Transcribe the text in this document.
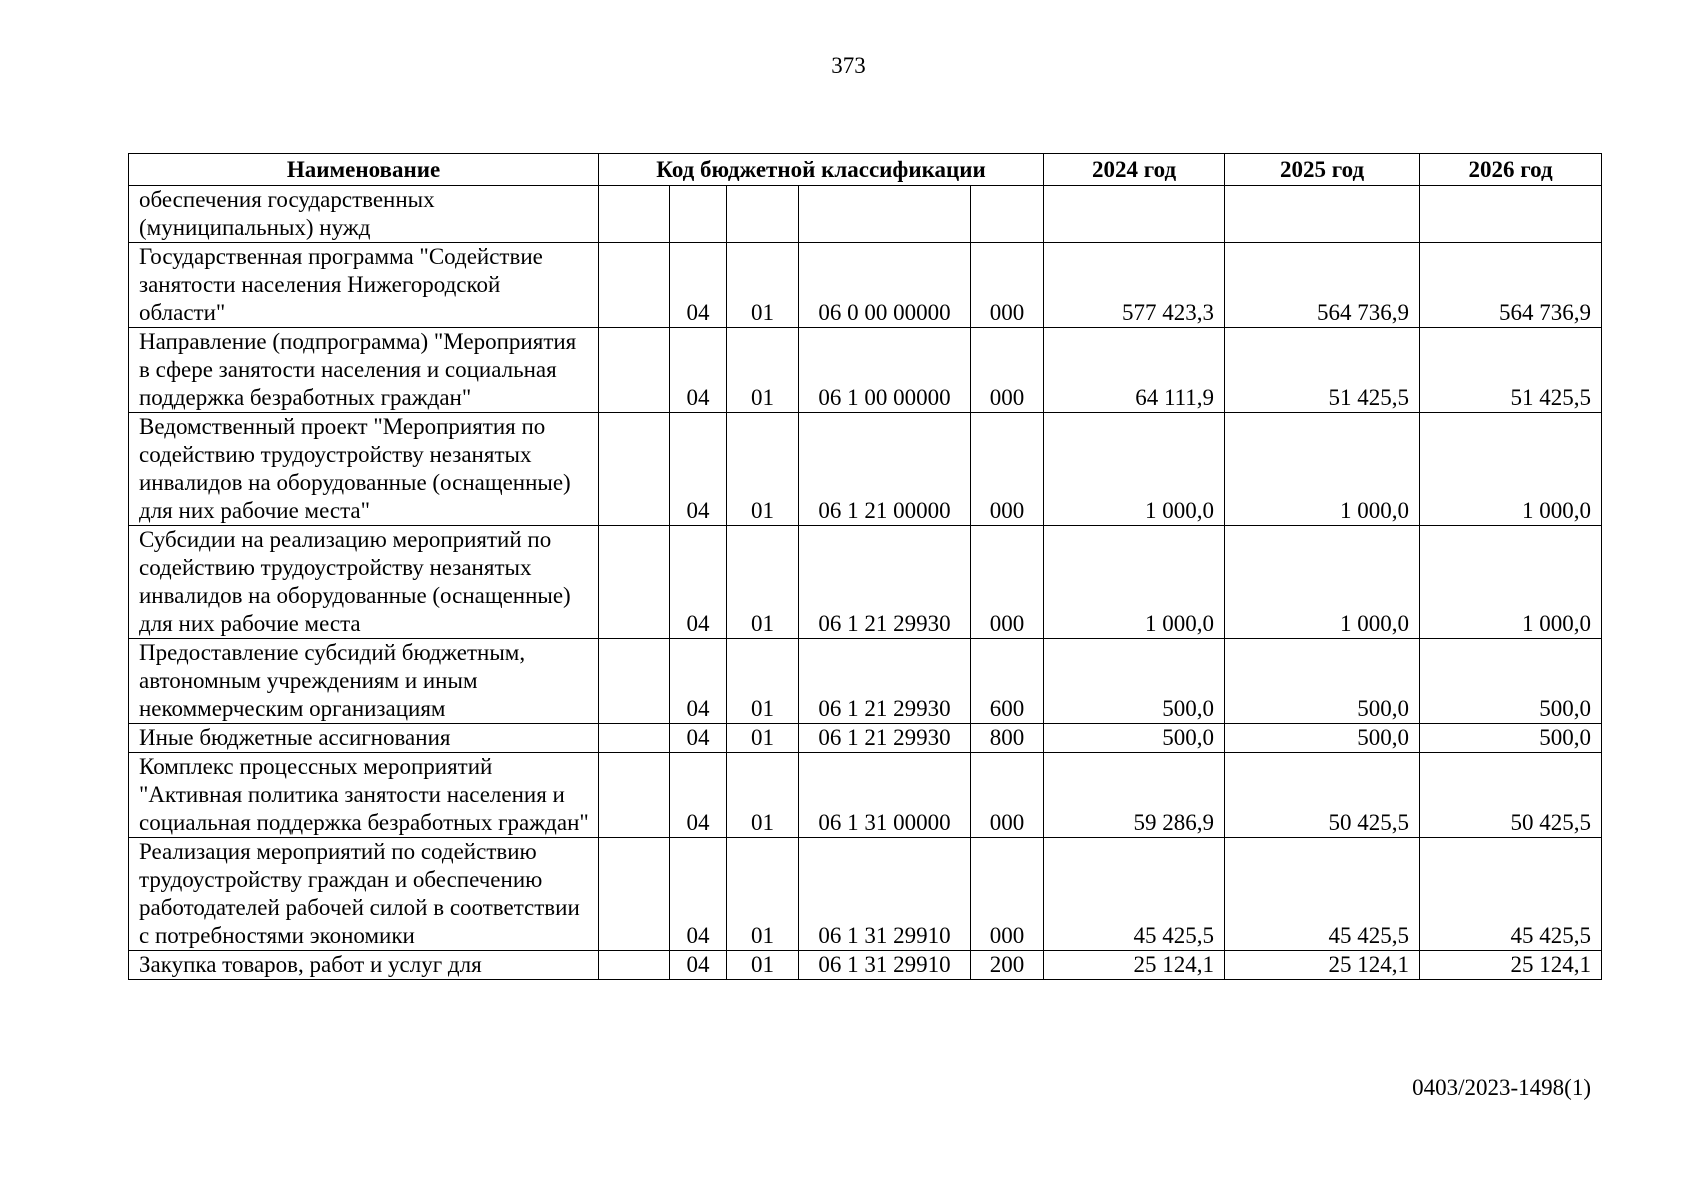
373
Наименование	Код бюджетной классификации					2024 год	2025 год	2026 год
обеспечения государственных (муниципальных) нужд								
Государственная программа "Содействие занятости населения Нижегородской области"		04	01	06 0 00 00000	000	577 423,3	564 736,9	564 736,9
Направление (подпрограмма) "Мероприятия в сфере занятости населения и социальная поддержка безработных граждан"		04	01	06 1 00 00000	000	64 111,9	51 425,5	51 425,5
Ведомственный проект "Мероприятия по содействию трудоустройству незанятых инвалидов на оборудованные (оснащенные) для них рабочие места"		04	01	06 1 21 00000	000	1 000,0	1 000,0	1 000,0
Субсидии на реализацию мероприятий по содействию трудоустройству незанятых инвалидов на оборудованные (оснащенные) для них рабочие места		04	01	06 1 21 29930	000	1 000,0	1 000,0	1 000,0
Предоставление субсидий бюджетным, автономным учреждениям и иным некоммерческим организациям		04	01	06 1 21 29930	600	500,0	500,0	500,0
Иные бюджетные ассигнования		04	01	06 1 21 29930	800	500,0	500,0	500,0
Комплекс процессных мероприятий "Активная политика занятости населения и социальная поддержка безработных граждан"		04	01	06 1 31 00000	000	59 286,9	50 425,5	50 425,5
Реализация мероприятий по содействию трудоустройству граждан и обеспечению работодателей рабочей силой в соответствии с потребностями экономики		04	01	06 1 31 29910	000	45 425,5	45 425,5	45 425,5
Закупка товаров, работ и услуг для		04	01	06 1 31 29910	200	25 124,1	25 124,1	25 124,1
0403/2023-1498(1)
